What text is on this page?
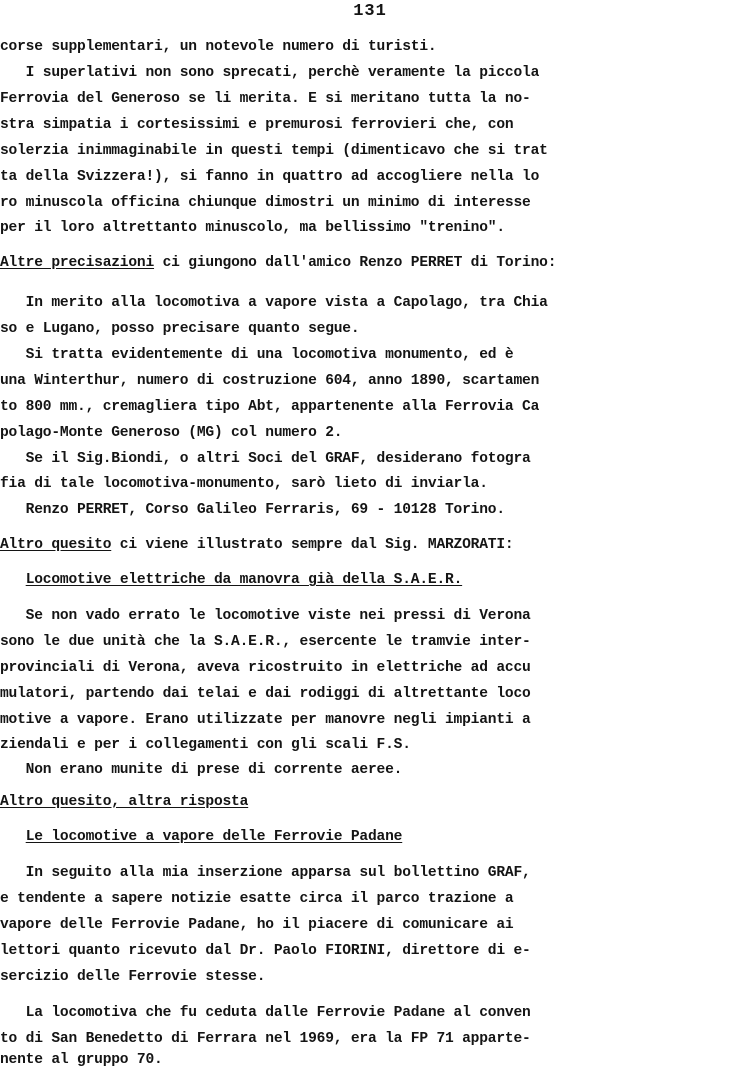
131
corse supplementari, un notevole numero di turisti.
I superlativi non sono sprecati, perchè veramente la piccola
Ferrovia del Generoso se li merita. E si meritano tutta la no-
stra simpatia i cortesissimi e premurosi ferrovieri che, con
solerzia inimmaginabile in questi tempi (dimenticavo che si trat
ta della Svizzera!), si fanno in quattro ad accogliere nella lo
ro minuscola officina chiunque dimostri un minimo di interesse
per il loro altrettanto minuscolo, ma bellissimo "trenino".
Altre precisazioni ci giungono dall'amico Renzo PERRET di Torino:
In merito alla locomotiva a vapore vista a Capolago, tra Chia
so e Lugano, posso precisare quanto segue.
Si tratta evidentemente di una locomotiva monumento, ed è
una Winterthur, numero di costruzione 604, anno 1890, scartamen
to 800 mm., cremagliera tipo Abt, appartenente alla Ferrovia Ca
polago-Monte Generoso (MG) col numero 2.
Se il Sig.Biondi, o altri Soci del GRAF, desiderano fotogra
fia di tale locomotiva-monumento, sarò lieto di inviarla.
Renzo PERRET, Corso Galileo Ferraris, 69 - 10128 Torino.
Altro quesito ci viene illustrato sempre dal Sig. MARZORATI:
Locomotive elettriche da manovra già della S.A.E.R.
Se non vado errato le locomotive viste nei pressi di Verona
sono le due unità che la S.A.E.R., esercente le tramvie inter-
provinciali di Verona, aveva ricostruito in elettriche ad accu
mulatori, partendo dai telai e dai rodiggi di altrettante loco
motive a vapore. Erano utilizzate per manovre negli impianti a
ziendali e per i collegamenti con gli scali F.S.
Non erano munite di prese di corrente aeree.
Altro quesito, altra risposta
Le locomotive a vapore delle Ferrovie Padane
In seguito alla mia inserzione apparsa sul bollettino GRAF,
e tendente a sapere notizie esatte circa il parco trazione a
vapore delle Ferrovie Padane, ho il piacere di comunicare ai
lettori quanto ricevuto dal Dr. Paolo FIORINI, direttore di e-
sercizio delle Ferrovie stesse.
La locomotiva che fu ceduta dalle Ferrovie Padane al conven
to di San Benedetto di Ferrara nel 1969, era la FP 71 apparte-
nente al gruppo 70.
